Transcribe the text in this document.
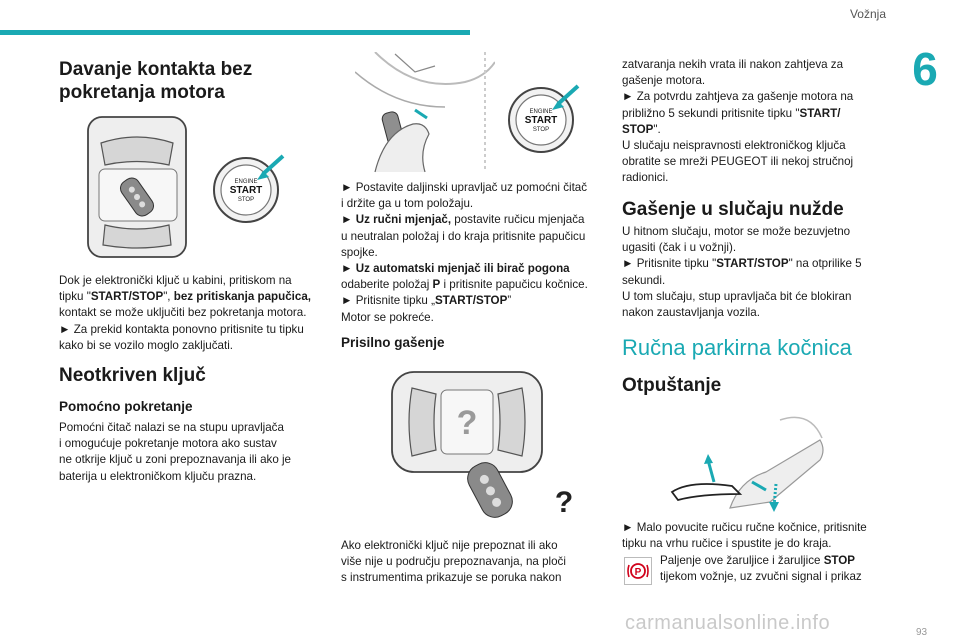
Vožnja
6
Davanje kontakta bez pokretanja motora
ENGINE
START
STOP
Dok je elektronički ključ u kabini, pritiskom na
tipku "START/STOP", bez pritiskanja papučica,
kontakt se može uključiti bez pokretanja motora.
► Za prekid kontakta ponovno pritisnite tu tipku
kako bi se vozilo moglo zaključati.
Neotkriven ključ
Pomoćno pokretanje
Pomoćni čitač nalazi se na stupu upravljača
i omogućuje pokretanje motora ako sustav
ne otkrije ključ u zoni prepoznavanja ili ako je
baterija u elektroničkom ključu prazna.
ENGINE
START
STOP
► Postavite daljinski upravljač uz pomoćni čitač
i držite ga u tom položaju.
► Uz ručni mjenjač, postavite ručicu mjenjača
u neutralan položaj i do kraja pritisnite papučicu
spojke.
► Uz automatski mjenjač ili birač pogona
odaberite položaj P i pritisnite papučicu kočnice.
► Pritisnite tipku „START/STOP”
Motor se pokreće.
Prisilno gašenje
?
?
Ako elektronički ključ nije prepoznat ili ako
više nije u području prepoznavanja, na ploči
s instrumentima prikazuje se poruka nakon
zatvaranja nekih vrata ili nakon zahtjeva za
gašenje motora.
► Za potvrdu zahtjeva za gašenje motora na
približno 5 sekundi pritisnite tipku "START/
STOP".
U slučaju neispravnosti elektroničkog ključa
obratite se mreži PEUGEOT ili nekoj stručnoj
radionici.
Gašenje u slučaju nužde
U hitnom slučaju, motor se može bezuvjetno
ugasiti (čak i u vožnji).
► Pritisnite tipku "START/STOP" na otprilike 5
sekundi.
U tom slučaju, stup upravljača bit će blokiran
nakon zaustavljanja vozila.
Ručna parkirna kočnica
Otpuštanje
► Malo povucite ručicu ručne kočnice, pritisnite
tipku na vrhu ručice i spustite je do kraja.
P
Paljenje ove žaruljice i žaruljice STOP
tijekom vožnje, uz zvučni signal i prikaz
carmanualsonline.info	93
